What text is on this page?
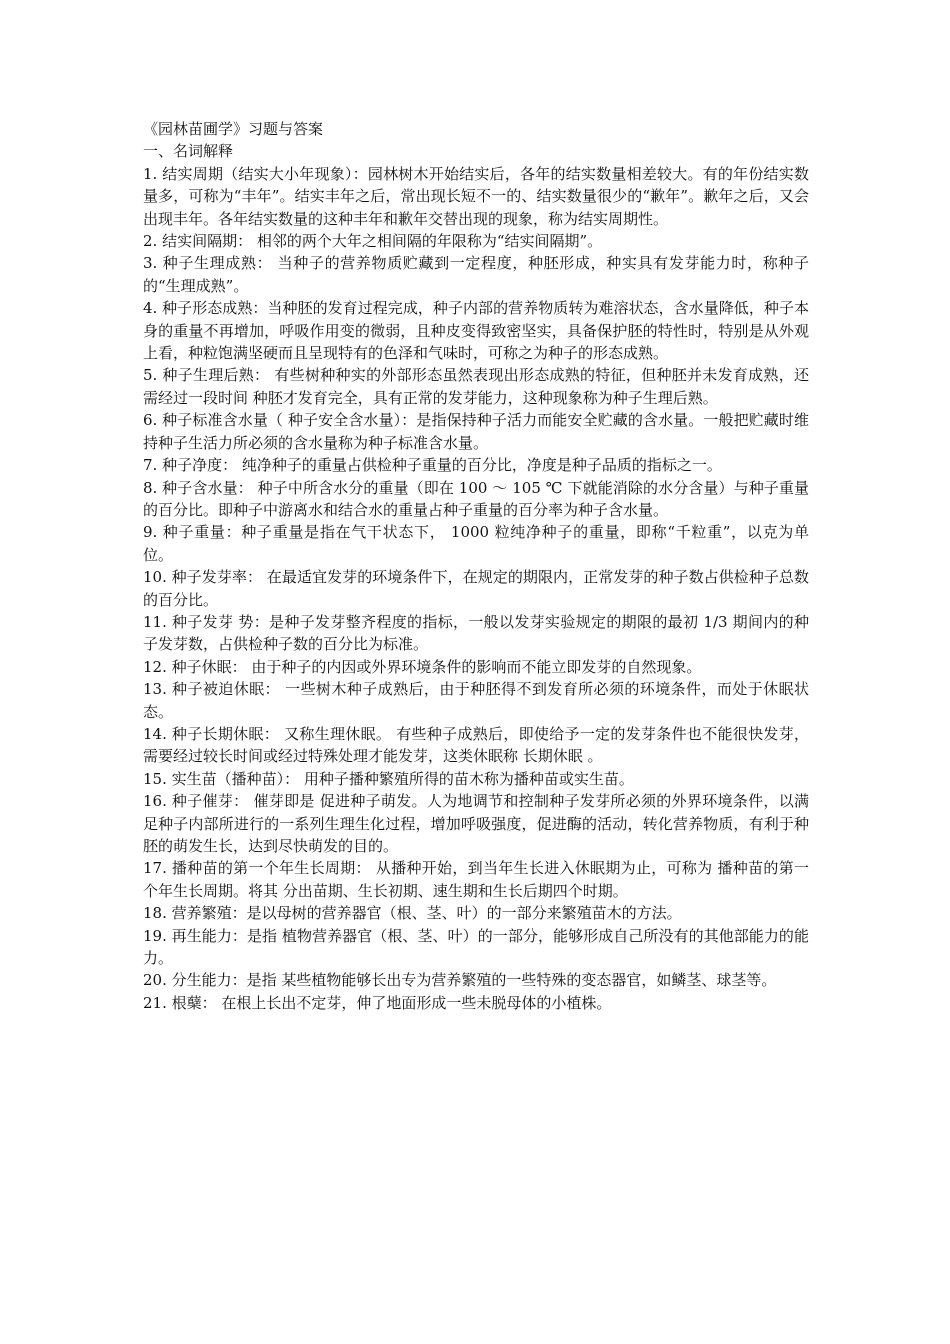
《园林苗圃学》习题与答案

一、名词解释

1. 结实周期（结实大小年现象）：园林树木开始结实后，各年的结实数量相差较大。有的年份结实数量多，可称为“丰年”。结实丰年之后，常出现长短不一的、结实数量很少的“歉年”。歉年之后，又会出现丰年。各年结实数量的这种丰年和歉年交替出现的现象，称为结实周期性。

2. 结实间隔期： 相邻的两个大年之相间隔的年限称为“结实间隔期”。

3. 种子生理成熟： 当种子的营养物质贮藏到一定程度，种胚形成，种实具有发芽能力时，称种子的“生理成熟”。

4. 种子形态成熟：当种胚的发育过程完成，种子内部的营养物质转为难溶状态，含水量降低，种子本身的重量不再增加，呼吸作用变的微弱，且种皮变得致密坚实，具备保护胚的特性时，特别是从外观上看，种粒饱满坚硬而且呈现特有的色泽和气味时，可称之为种子的形态成熟。

5. 种子生理后熟： 有些树种种实的外部形态虽然表现出形态成熟的特征，但种胚并未发育成熟，还需经过一段时间 种胚才发育完全，具有正常的发芽能力，这种现象称为种子生理后熟。

6. 种子标准含水量（ 种子安全含水量）：是指保持种子活力而能安全贮藏的含水量。一般把贮藏时维持种子生活力所必须的含水量称为种子标准含水量。

7. 种子净度： 纯净种子的重量占供检种子重量的百分比，净度是种子品质的指标之一。

8. 种子含水量： 种子中所含水分的重量（即在 100 ～ 105 ℃ 下就能消除的水分含量）与种子重量的百分比。即种子中游离水和结合水的重量占种子重量的百分率为种子含水量。

9. 种子重量：种子重量是指在气干状态下， 1000 粒纯净种子的重量，即称“千粒重”，以克为单位。

10. 种子发芽率： 在最适宜发芽的环境条件下，在规定的期限内，正常发芽的种子数占供检种子总数的百分比。

11. 种子发芽 势：是种子发芽整齐程度的指标，一般以发芽实验规定的期限的最初 1/3 期间内的种子发芽数，占供检种子数的百分比为标准。

12. 种子休眠： 由于种子的内因或外界环境条件的影响而不能立即发芽的自然现象。

13. 种子被迫休眠： 一些树木种子成熟后，由于种胚得不到发育所必须的环境条件，而处于休眠状态。

14. 种子长期休眠： 又称生理休眠。 有些种子成熟后，即使给予一定的发芽条件也不能很快发芽，需要经过较长时间或经过特殊处理才能发芽，这类休眠称 长期休眠 。

15. 实生苗（播种苗）： 用种子播种繁殖所得的苗木称为播种苗或实生苗。

16. 种子催芽： 催芽即是 促进种子萌发。人为地调节和控制种子发芽所必须的外界环境条件，以满足种子内部所进行的一系列生理生化过程，增加呼吸强度，促进酶的活动，转化营养物质，有利于种胚的萌发生长，达到尽快萌发的目的。

17. 播种苗的第一个年生长周期： 从播种开始，到当年生长进入休眠期为止，可称为 播种苗的第一个年生长周期。将其 分出苗期、生长初期、速生期和生长后期四个时期。

18. 营养繁殖：是以母树的营养器官（根、茎、叶）的一部分来繁殖苗木的方法。

19. 再生能力：是指 植物营养器官（根、茎、叶）的一部分，能够形成自己所没有的其他部能力的能力。

20. 分生能力：是指 某些植物能够长出专为营养繁殖的一些特殊的变态器官，如鳞茎、球茎等。

21. 根蘖： 在根上长出不定芽，伸了地面形成一些未脱母体的小植株。
